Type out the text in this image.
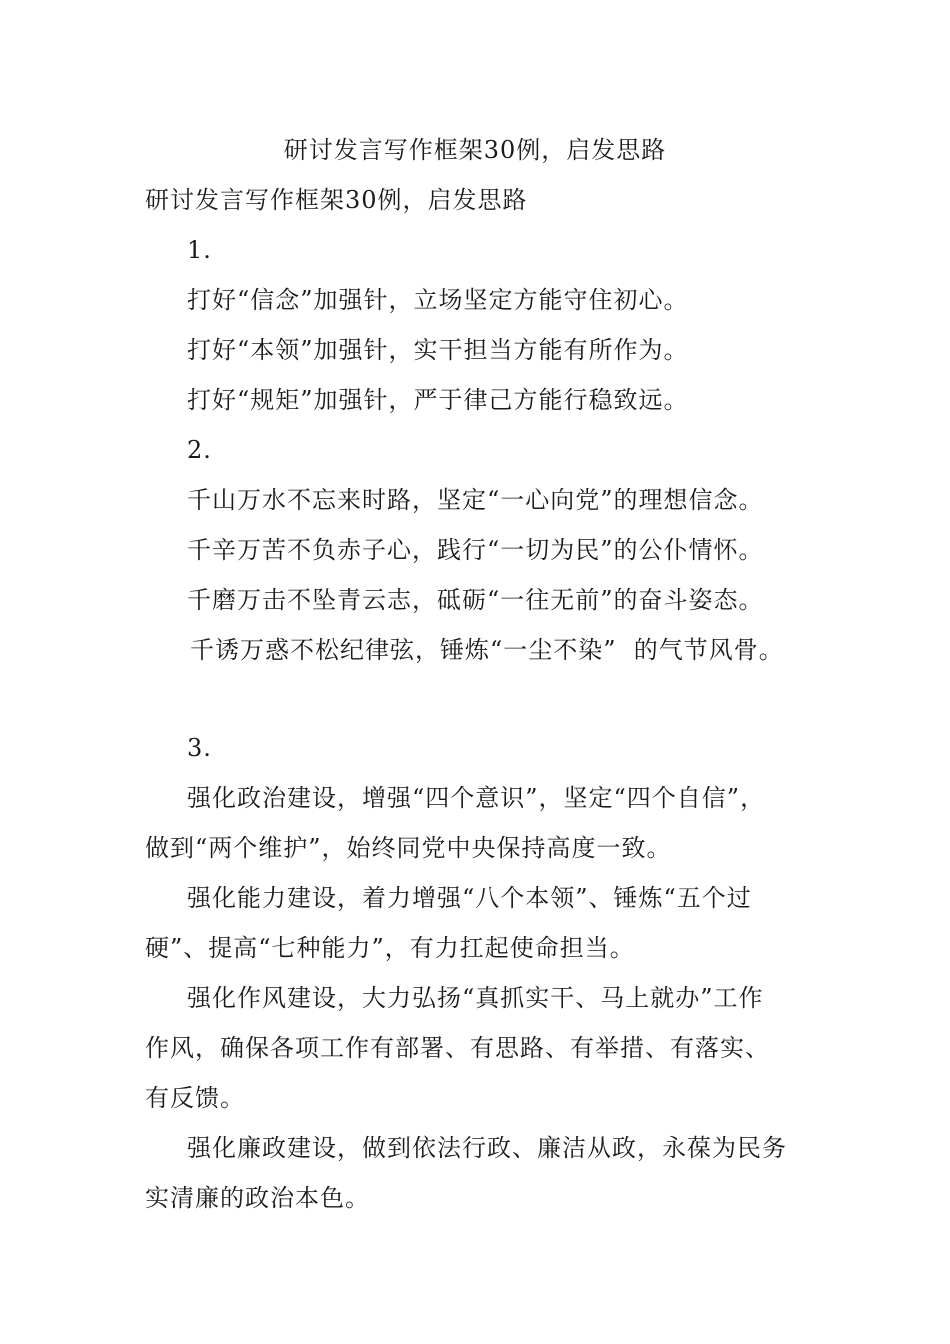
研讨发言写作框架30例，启发思路
研讨发言写作框架30例，启发思路
1.
打好“信念”加强针，立场坚定方能守住初心。
打好“本领”加强针，实干担当方能有所作为。
打好“规矩”加强针，严于律己方能行稳致远。
2.
千山万水不忘来时路，坚定“一心向党”的理想信念。
千辛万苦不负赤子心，践行“一切为民”的公仆情怀。
千磨万击不坠青云志，砥砺“一往无前”的奋斗姿态。
千诱万惑不松纪律弦，锤炼“一尘不染”  的气节风骨。
3.
强化政治建设，增强“四个意识”，坚定“四个自信”，
做到“两个维护”，始终同党中央保持高度一致。
强化能力建设，着力增强“八个本领”、锤炼“五个过
硬”、提高“七种能力”，有力扛起使命担当。
强化作风建设，大力弘扬“真抓实干、马上就办”工作
作风，确保各项工作有部署、有思路、有举措、有落实、
有反馈。
强化廉政建设，做到依法行政、廉洁从政，永葆为民务
实清廉的政治本色。
